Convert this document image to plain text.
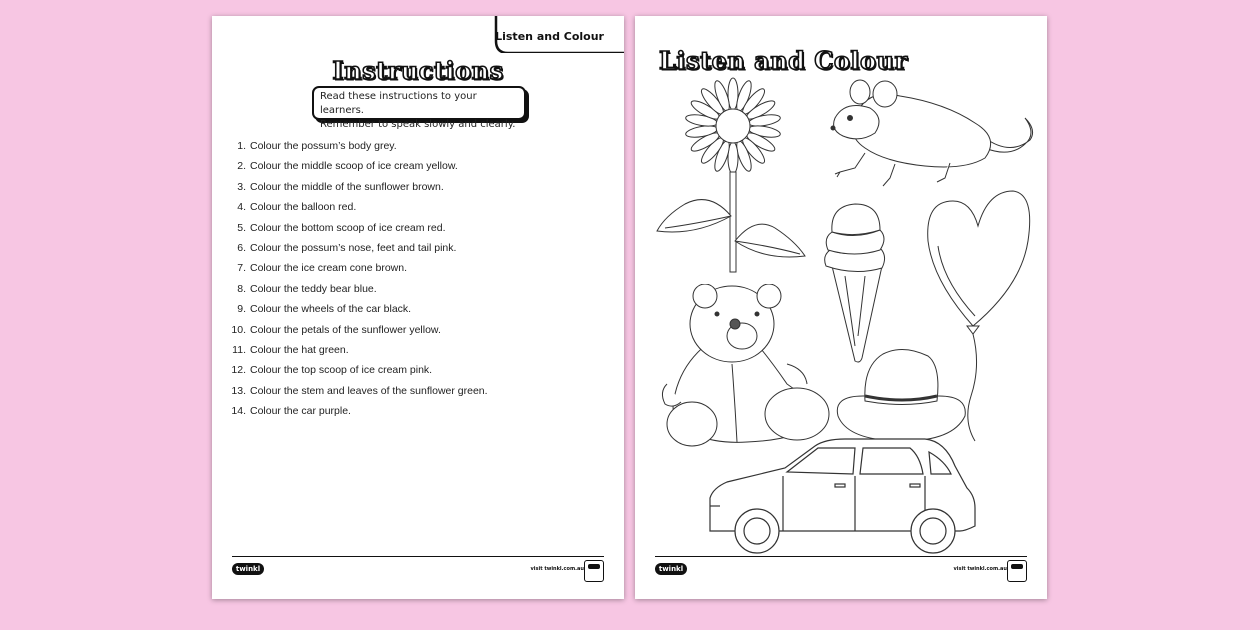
Listen and Colour
Instructions
Read these instructions to your learners.
Remember to speak slowly and clearly.
1. Colour the possum’s body grey.
2. Colour the middle scoop of ice cream yellow.
3. Colour the middle of the sunflower brown.
4. Colour the balloon red.
5. Colour the bottom scoop of ice cream red.
6. Colour the possum’s nose, feet and tail pink.
7. Colour the ice cream cone brown.
8. Colour the teddy bear blue.
9. Colour the wheels of the car black.
10. Colour the petals of the sunflower yellow.
11. Colour the hat green.
12. Colour the top scoop of ice cream pink.
13. Colour the stem and leaves of the sunflower green.
14. Colour the car purple.
twinkl	visit twinkl.com.au
Listen and Colour
twinkl	visit twinkl.com.au
